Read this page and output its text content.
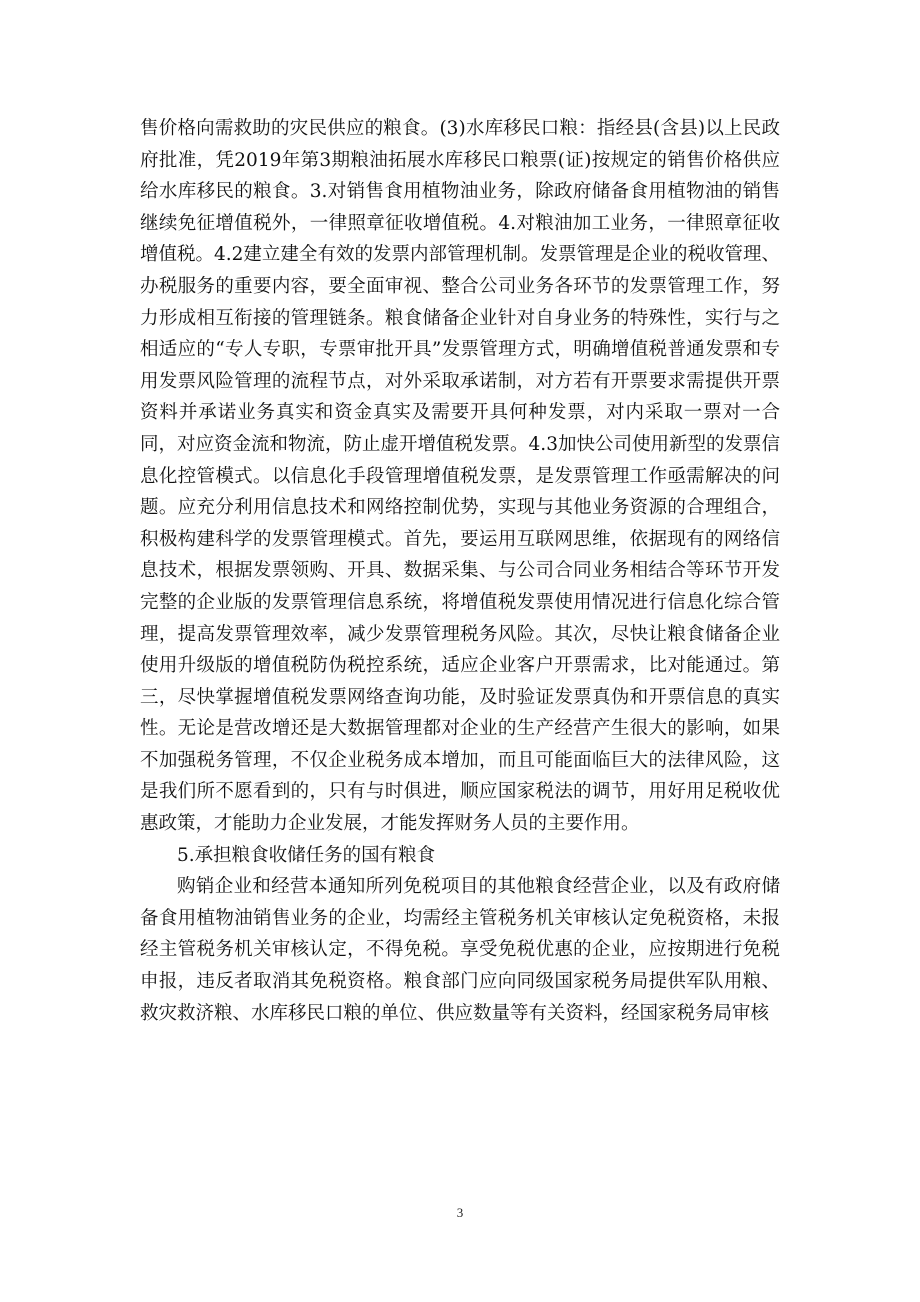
售价格向需救助的灾民供应的粮食。(3)水库移民口粮：指经县(含县)以上民政府批准，凭2019年第3期粮油拓展水库移民口粮票(证)按规定的销售价格供应给水库移民的粮食。3.对销售食用植物油业务，除政府储备食用植物油的销售继续免征增值税外，一律照章征收增值税。4.对粮油加工业务，一律照章征收增值税。4.2建立建全有效的发票内部管理机制。发票管理是企业的税收管理、办税服务的重要内容，要全面审视、整合公司业务各环节的发票管理工作，努力形成相互衔接的管理链条。粮食储备企业针对自身业务的特殊性，实行与之相适应的“专人专职，专票审批开具”发票管理方式，明确增值税普通发票和专用发票风险管理的流程节点，对外采取承诺制，对方若有开票要求需提供开票资料并承诺业务真实和资金真实及需要开具何种发票，对内采取一票对一合同，对应资金流和物流，防止虚开增值税发票。4.3加快公司使用新型的发票信息化控管模式。以信息化手段管理增值税发票，是发票管理工作亟需解决的问题。应充分利用信息技术和网络控制优势，实现与其他业务资源的合理组合，积极构建科学的发票管理模式。首先，要运用互联网思维，依据现有的网络信息技术，根据发票领购、开具、数据采集、与公司合同业务相结合等环节开发完整的企业版的发票管理信息系统，将增值税发票使用情况进行信息化综合管理，提高发票管理效率，减少发票管理税务风险。其次，尽快让粮食储备企业使用升级版的增值税防伪税控系统，适应企业客户开票需求，比对能通过。第三，尽快掌握增值税发票网络查询功能，及时验证发票真伪和开票信息的真实性。无论是营改增还是大数据管理都对企业的生产经营产生很大的影响，如果不加强税务管理，不仅企业税务成本增加，而且可能面临巨大的法律风险，这是我们所不愿看到的，只有与时俱进，顺应国家税法的调节，用好用足税收优惠政策，才能助力企业发展，才能发挥财务人员的主要作用。

5.承担粮食收储任务的国有粮食

购销企业和经营本通知所列免税项目的其他粮食经营企业，以及有政府储备食用植物油销售业务的企业，均需经主管税务机关审核认定免税资格，未报经主管税务机关审核认定，不得免税。享受免税优惠的企业，应按期进行免税申报，违反者取消其免税资格。粮食部门应向同级国家税务局提供军队用粮、救灾救济粮、水库移民口粮的单位、供应数量等有关资料，经国家税务局审核

3
